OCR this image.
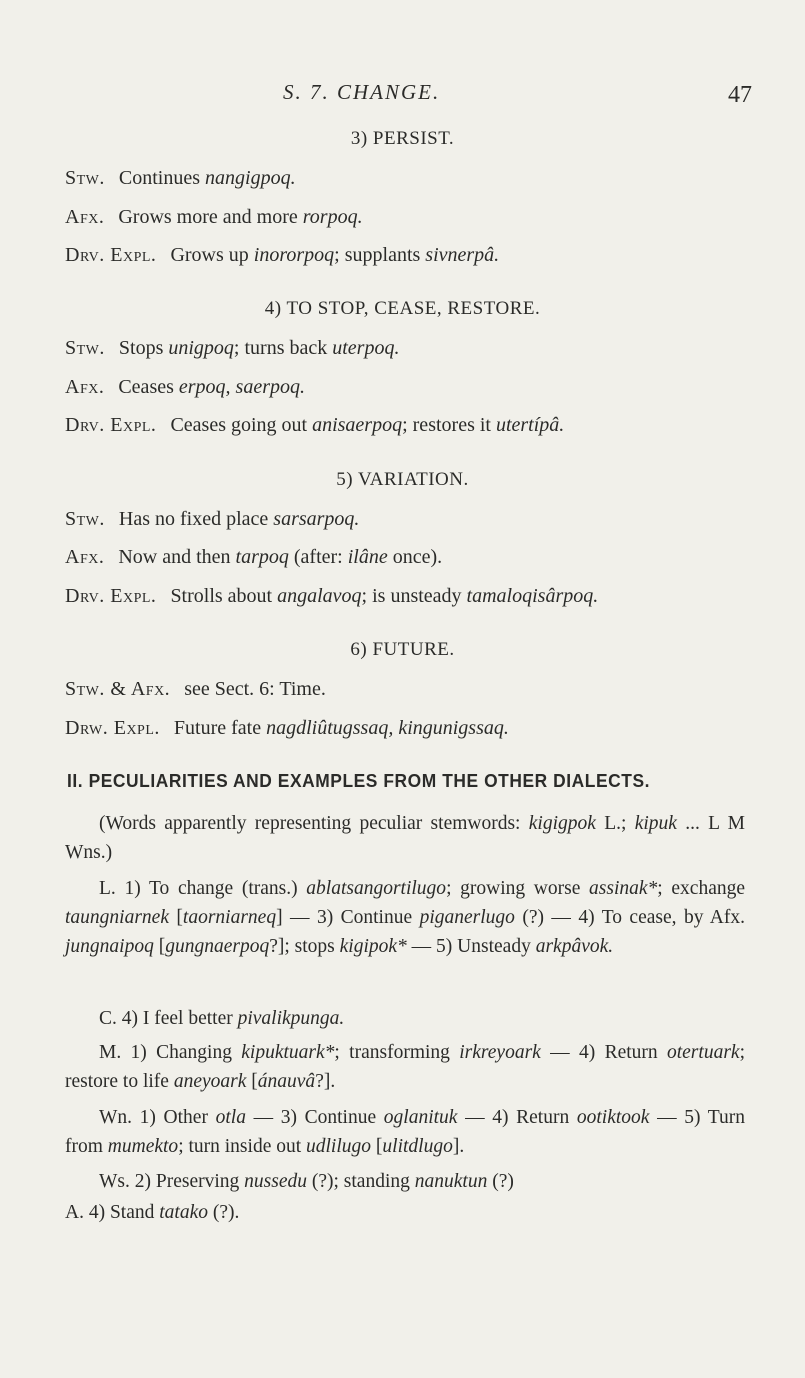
S. 7. CHANGE.	47
3) PERSIST.
Stw. Continues nangigpoq.
Afx. Grows more and more rorpoq.
Drv. Expl. Grows up inororpoq; supplants sivnerpâ.
4) TO STOP, CEASE, RESTORE.
Stw. Stops unigpoq; turns back uterpoq.
Afx. Ceases erpoq, saerpoq.
Drv. Expl. Ceases going out anisaerpoq; restores it utertípâ.
5) VARIATION.
Stw. Has no fixed place sarsarpoq.
Afx. Now and then tarpoq (after: ilâne once).
Drv. Expl. Strolls about angalavoq; is unsteady tamaloqisârpoq.
6) FUTURE.
Stw. & Afx. see Sect. 6: Time.
Drw. Expl. Future fate nagdliûtugssaq, kingunigssaq.
II. PECULIARITIES AND EXAMPLES FROM THE OTHER DIALECTS.

(Words apparently representing peculiar stemwords: kigigpok L.; kipuk ... L M Wns.)

L. 1) To change (trans.) ablatsangortilugo; growing worse assinak*; exchange taungniarnek [taorniarneq] — 3) Continue piganerlugo (?) — 4) To cease, by Afx. jungnaipoq [gungnaerpoq?]; stops kigipok* — 5) Unsteady arkpâvok.

C. 4) I feel better pivalikpunga.

M. 1) Changing kipuktuark*; transforming irkreyoark — 4) Return otertuark; restore to life aneyoark [ánauvâ?].

Wn. 1) Other otla — 3) Continue oglanituk — 4) Return ootiktook — 5) Turn from mumekto; turn inside out udlilugo [ulitdlugo].

Ws. 2) Preserving nussedu (?); standing nanuktun (?)

A. 4) Stand tatako (?).
